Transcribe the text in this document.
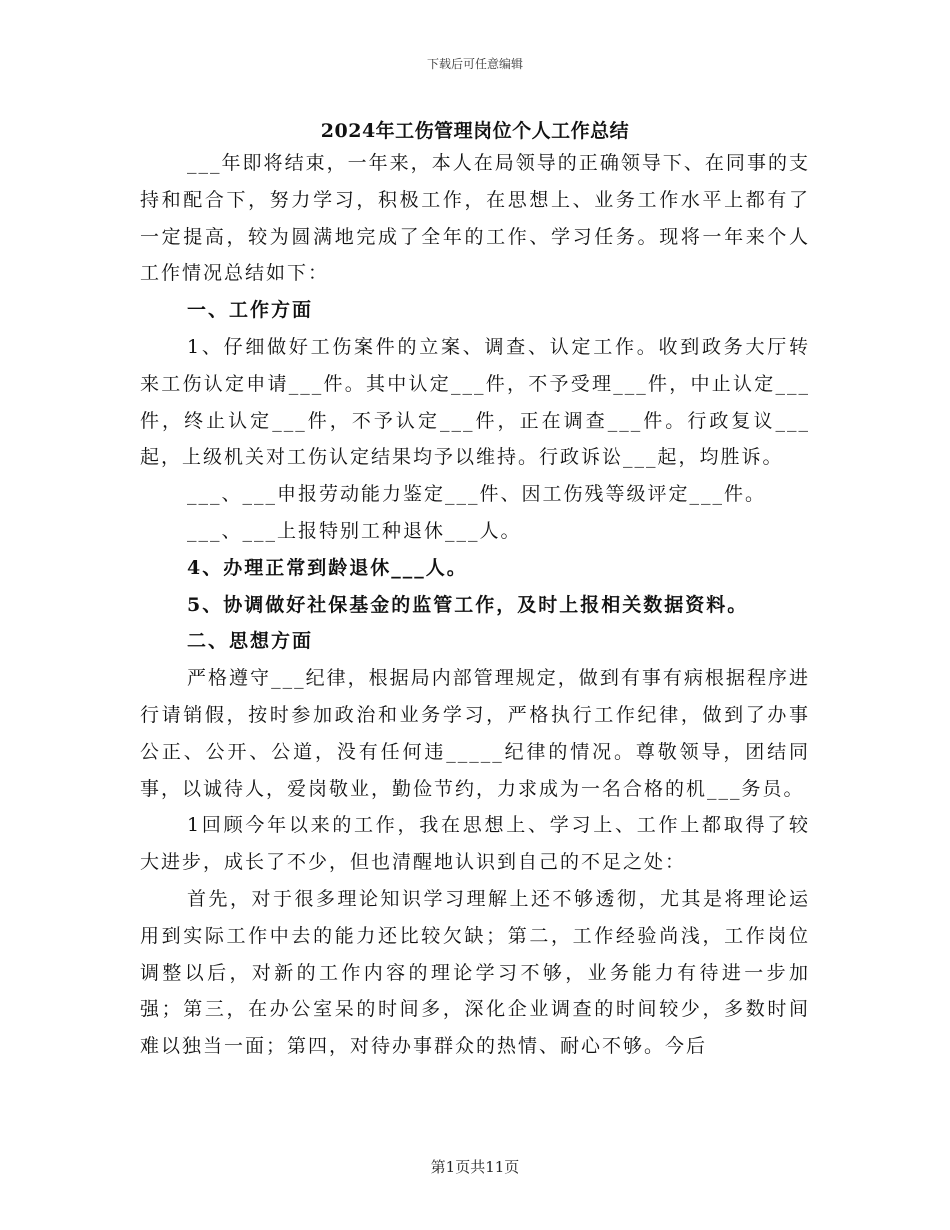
下载后可任意编辑
2024年工伤管理岗位个人工作总结

___年即将结束，一年来，本人在局领导的正确领导下、在同事的支持和配合下，努力学习，积极工作，在思想上、业务工作水平上都有了一定提高，较为圆满地完成了全年的工作、学习任务。现将一年来个人工作情况总结如下：

一、工作方面

1、仔细做好工伤案件的立案、调查、认定工作。收到政务大厅转来工伤认定申请___件。其中认定___件，不予受理___件，中止认定___件，终止认定___件，不予认定___件，正在调查___件。行政复议___起，上级机关对工伤认定结果均予以维持。行政诉讼___起，均胜诉。

___、___申报劳动能力鉴定___件、因工伤残等级评定___件。

___、___上报特别工种退休___人。

4、办理正常到龄退休___人。

5、协调做好社保基金的监管工作，及时上报相关数据资料。

二、思想方面

严格遵守___纪律，根据局内部管理规定，做到有事有病根据程序进行请销假，按时参加政治和业务学习，严格执行工作纪律，做到了办事公正、公开、公道，没有任何违_____纪律的情况。尊敬领导，团结同事，以诚待人，爱岗敬业，勤俭节约，力求成为一名合格的机___务员。

1回顾今年以来的工作，我在思想上、学习上、工作上都取得了较大进步，成长了不少，但也清醒地认识到自己的不足之处：

首先，对于很多理论知识学习理解上还不够透彻，尤其是将理论运用到实际工作中去的能力还比较欠缺；第二，工作经验尚浅，工作岗位调整以后，对新的工作内容的理论学习不够，业务能力有待进一步加强；第三，在办公室呆的时间多，深化企业调查的时间较少，多数时间难以独当一面；第四，对待办事群众的热情、耐心不够。今后

第1页共11页
